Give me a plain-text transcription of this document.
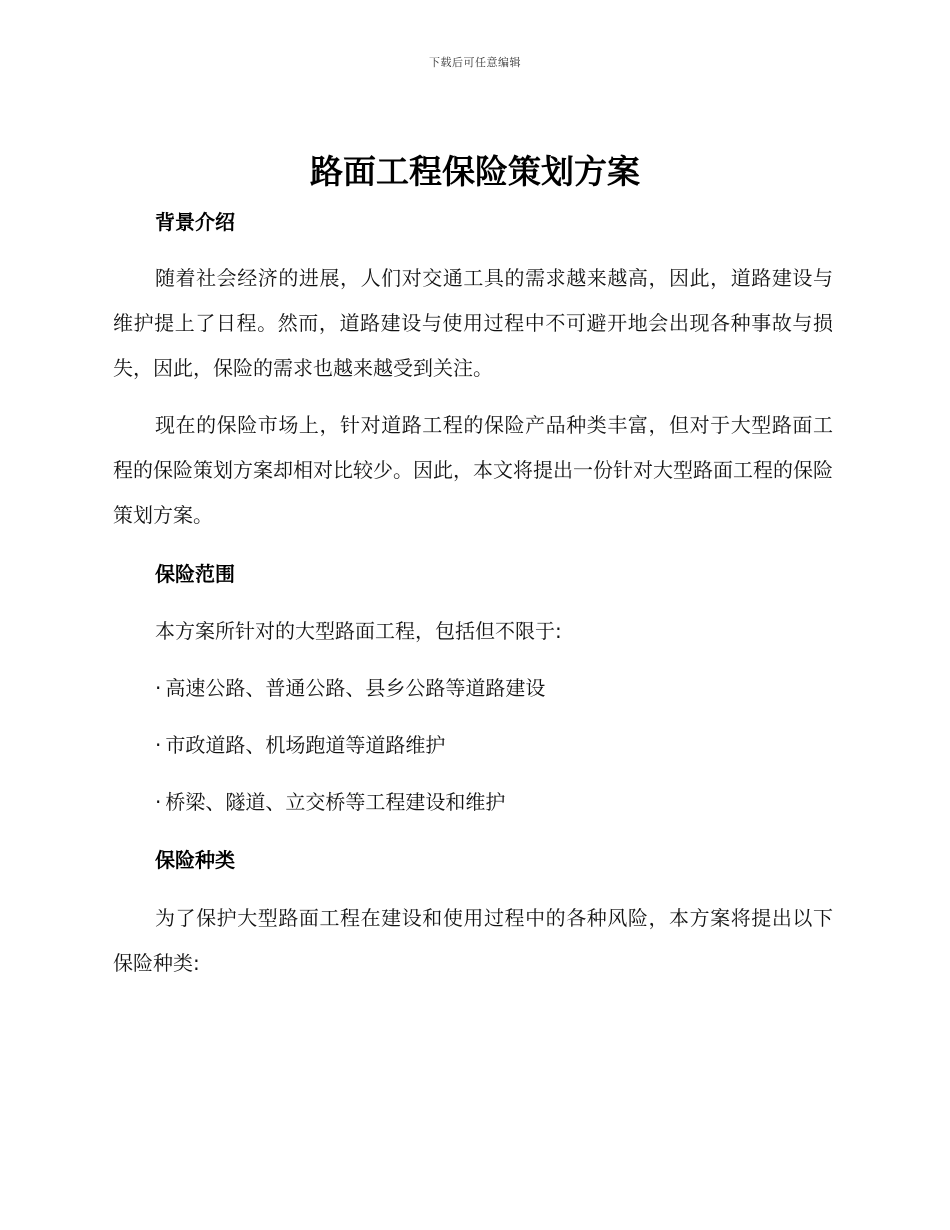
下载后可任意编辑
路面工程保险策划方案
背景介绍

随着社会经济的进展，人们对交通工具的需求越来越高，因此，道路建设与维护提上了日程。然而，道路建设与使用过程中不可避开地会出现各种事故与损失，因此，保险的需求也越来越受到关注。

现在的保险市场上，针对道路工程的保险产品种类丰富，但对于大型路面工程的保险策划方案却相对比较少。因此，本文将提出一份针对大型路面工程的保险策划方案。

保险范围

本方案所针对的大型路面工程，包括但不限于:

· 高速公路、普通公路、县乡公路等道路建设

· 市政道路、机场跑道等道路维护

· 桥梁、隧道、立交桥等工程建设和维护

保险种类

为了保护大型路面工程在建设和使用过程中的各种风险，本方案将提出以下保险种类:
